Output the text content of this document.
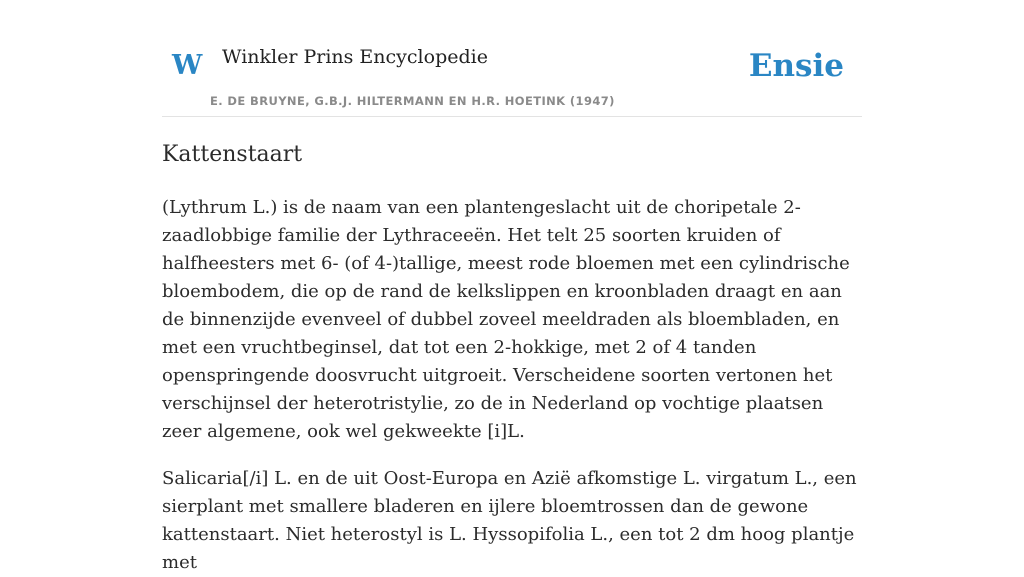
W Winkler Prins Encyclopedie
E. DE BRUYNE, G.B.J. HILTERMANN EN H.R. HOETINK (1947)
Ensie
Kattenstaart

(Lythrum L.) is de naam van een plantengeslacht uit de choripetale 2-zaadlobbige familie der Lythraceeën. Het telt 25 soorten kruiden of halfheesters met 6- (of 4-)tallige, meest rode bloemen met een cylindrische bloembodem, die op de rand de kelkslippen en kroonbladen draagt en aan de binnenzijde evenveel of dubbel zoveel meeldraden als bloembladen, en met een vruchtbeginsel, dat tot een 2-hokkige, met 2 of 4 tanden openspringende doosvrucht uitgroeit. Verscheidene soorten vertonen het verschijnsel der heterotristylie, zo de in Nederland op vochtige plaatsen zeer algemene, ook wel gekweekte [i]L.

Salicaria[/i] L. en de uit Oost-Europa en Azië afkomstige L. virgatum L., een sierplant met smallere bladeren en ijlere bloemtrossen dan de gewone kattenstaart. Niet heterostyl is L. Hyssopifolia L., een tot 2 dm hoog plantje met
